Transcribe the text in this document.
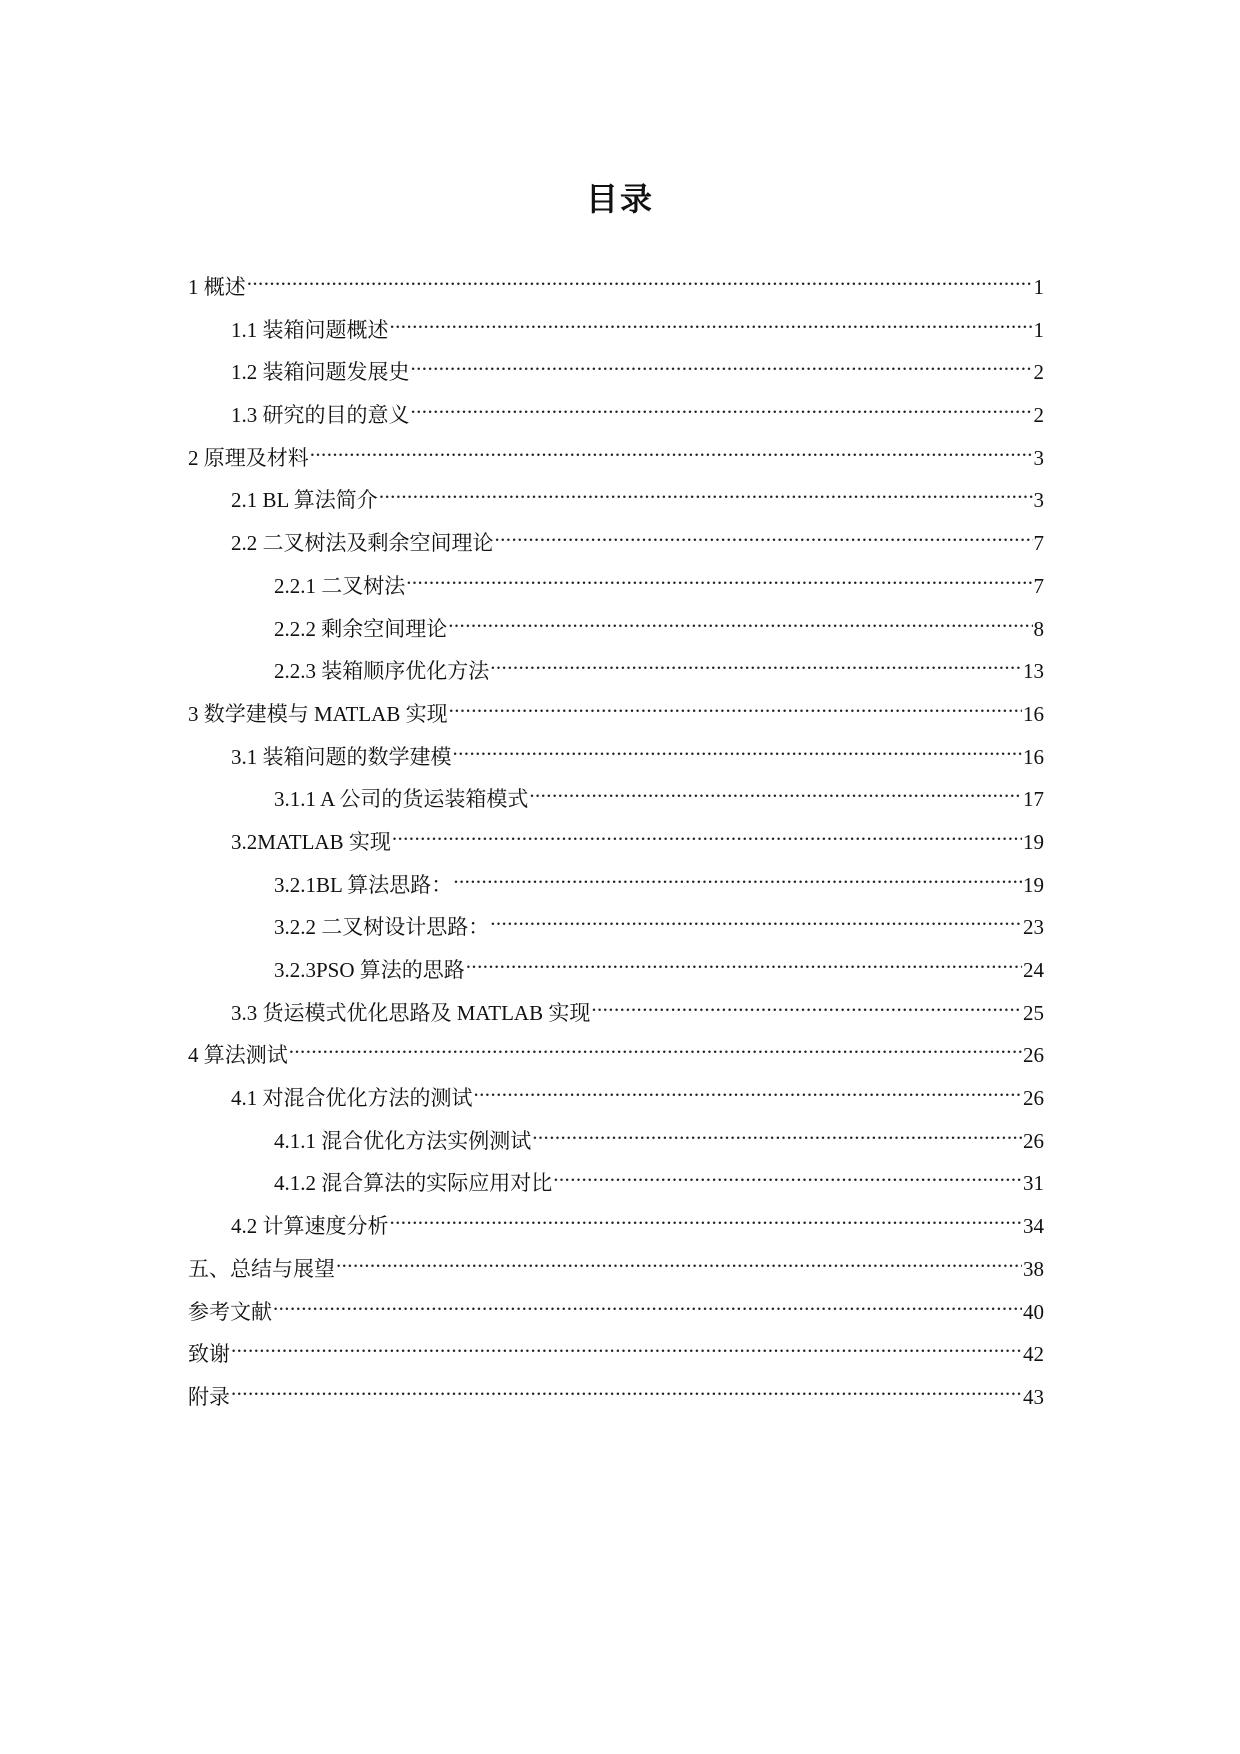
目录
1 概述 .....	1
1.1 装箱问题概述 .....	1
1.2 装箱问题发展史 .....	2
1.3 研究的目的意义 .....	2
2 原理及材料 .....	3
2.1 BL 算法简介 .....	3
2.2 二叉树法及剩余空间理论 .....	7
2.2.1 二叉树法 .....	7
2.2.2 剩余空间理论 .....	8
2.2.3 装箱顺序优化方法 .....	13
3 数学建模与 MATLAB 实现 .....	16
3.1 装箱问题的数学建模 .....	16
3.1.1 A 公司的货运装箱模式 .....	17
3.2MATLAB 实现 .....	19
3.2.1BL 算法思路： .....	19
3.2.2 二叉树设计思路： .....	23
3.2.3PSO 算法的思路 .....	24
3.3 货运模式优化思路及 MATLAB 实现 .....	25
4 算法测试 .....	26
4.1 对混合优化方法的测试 .....	26
4.1.1 混合优化方法实例测试 .....	26
4.1.2 混合算法的实际应用对比 .....	31
4.2 计算速度分析 .....	34
五、总结与展望 .....	38
参考文献 .....	40
致谢 .....	42
附录 .....	43
